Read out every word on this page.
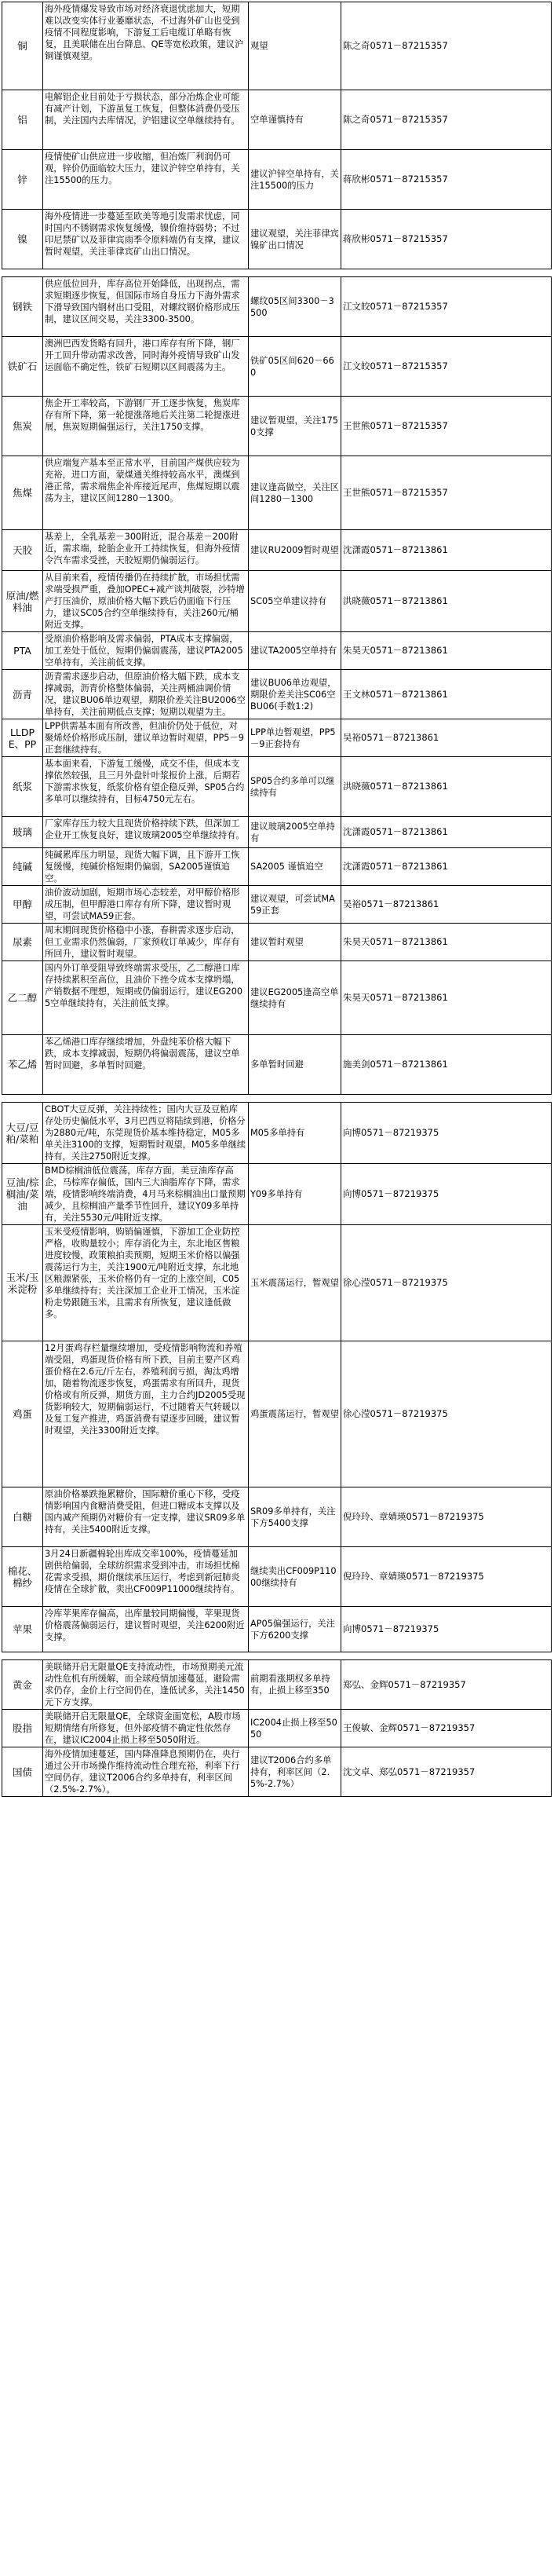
铜	海外疫情爆发导致市场对经济衰退忧虑加大，短期难以改变实体行业萎靡状态，不过海外矿山也受到疫情不同程度影响，下游复工后电缆订单略有恢复，且美联储在出台降息、QE等宽松政策，建议沪铜谨慎观望。	观望	陈之奇0571－87215357
铝	电解铝企业目前处于亏损状态，部分冶炼企业可能有减产计划，下游虽复工恢复，但整体消费仍受压制，关注国内去库情况，沪铝建议空单继续持有。	空单谨慎持有	陈之奇0571－87215357
锌	疫情使矿山供应进一步收缩，但冶炼厂利润仍可观，锌价仍面临较大压力，建议沪锌空单持有，关注15500的压力。	建议沪锌空单持有，关注15500的压力	蒋欣彬0571－87215357
镍	海外疫情进一步蔓延至欧美等地引发需求忧虑，同时国内不锈钢需求恢复缓慢，镍价维持弱势；不过印尼禁矿以及菲律宾雨季令原料端仍有支撑，建议暂时观望，关注菲律宾矿山出口情况。	建议观望，关注菲律宾镍矿出口情况	蒋欣彬0571－87215357

钢铁	供应低位回升，库存高位开始降低，出现拐点，需求短期逐步恢复，但国际市场自身压力下海外需求下滑导致国内钢材出口受阻，对螺纹钢价格形成压制，建议区间交易，关注3300-3500。	螺纹05区间3300－3500	江文皎0571－87215357
铁矿石	澳洲巴西发货略有回升，港口库存有所下降，钢厂开工回升带动需求改善，同时海外疫情导致矿山发运面临不确定性，铁矿石短期以区间震荡为主。	铁矿05区间620－660	江文皎0571－87215357
焦炭	焦企开工率较高，下游钢厂开工逐步恢复，焦炭库存有所下降，第一轮提涨落地后关注第二轮提涨进展，焦炭短期偏强运行，关注1750支撑。	建议暂观望，关注1750支撑	王世熊0571－87215357
焦煤	供应端复产基本至正常水平，目前国产煤供应较为充裕，进口方面，蒙煤通关维持较高水平，澳煤到港正常，需求端焦企补库接近尾声，焦煤短期以震荡为主，建议区间1280－1300。	建议逢高做空，关注区间1280－1300	王世熊0571－87215357
天胶	基差上，全乳基差－300附近，混合基差－200附近，需求端，轮胎企业开工持续恢复，但海外疫情令汽车需求受挫，天胶短期仍偏弱运行。	建议RU2009暂时观望	沈潇霞0571－87213861
原油/燃料油	从目前来看，疫情传播仍在持续扩散，市场担忧需求端受损严重，叠加OPEC+减产谈判破裂，沙特增产打压油价，原油价格大幅下跌后仍面临下行压力，建议SC05合约空单继续持有，关注260元/桶附近支撑。	SC05空单建议持有	洪晓薇0571－87213861
PTA	受原油价格影响及需求偏弱，PTA成本支撑偏弱，加工差处于低位，短期仍偏弱震荡，建议PTA2005空单持有，关注前低支撑。	建议TA2005空单持有	朱昊天0571－87213861
沥青	沥青需求逐步启动，但原油价格大幅下跌，成本支撑减弱，沥青价格整体偏弱，关注两桶油调价情况，建议BU06单边观望，期限价差关注BU2006空单持有，关注前期低点支撑；短期以观望为主。	建议BU06单边观望，期限价差关注SC06空BU06(手数1:2)	王文林0571－87213861
LLDPE、PP	LPP供需基本面有所改善，但油价仍处于低位，对聚烯烃价格形成压制，建议单边暂时观望，PP5－9正套继续持有。	LPP单边暂观望，PP5－9正套持有	吴裕0571－87213861
纸浆	基本面来看，下游复工缓慢，成交不佳，但成本支撑依然较强，且三月外盘针叶浆报价上涨，后期若下游需求恢复，纸浆价格有望企稳反弹，SP05合约多单可以继续持有，目标4750元左右。	SP05合约多单可以继续持有	洪晓薇0571－87213861
玻璃	厂家库存压力较大且现货价格持续下跌，但深加工企业开工恢复良好，建议玻璃2005空单继续持有。	建议玻璃2005空单持有	沈潇霞0571－87213861
纯碱	纯碱累库压力明显，现货大幅下调，且下游开工恢复缓慢，纯碱价格短期仍偏弱，SA2005谨慎追空。	SA2005 谨慎追空	沈潇霞0571－87213861
甲醇	油价波动加剧，短期市场心态较差，对甲醇价格形成压制，但甲醇港口库存有所下降，建议暂时观望，可尝试MA59正套。	建议观望，可尝试MA59正套	吴裕0571－87213861
尿素	周末期间现货价格稳中小涨，春耕需求逐步启动，但工业需求仍然偏弱，厂家预收订单减少，库存有所回升，建议暂时观望。	建议暂时观望	朱昊天0571－87213861
乙二醇	国内外订单受阻导致终端需求受压，乙二醇港口库存持续累积至高位，且油价下挫令成本支撑坍塌，产销数据不理想，短期或仍偏弱运行，建议EG2005空单继续持有，关注前低支撑。	建议EG2005逢高空单继续持有	朱昊天0571－87213861
苯乙烯	苯乙烯港口库存继续增加，外盘纯苯价格大幅下跌，成本支撑减弱，短期仍将偏弱震荡，建议空单暂时回避，多单暂时回避。	多单暂时回避	施美剑0571－87213861

大豆/豆粕/菜粕	CBOT大豆反弹，关注持续性；国内大豆及豆粕库存处历史偏低水平，3月巴西豆将陆续到港，价格分为2880元/吨，东莞现货价基本维持稳定，M05多单关注3100的支撑，短期暂时观望，M05多单继续持有，关注2750附近支撑。	M05多单持有	向博0571－87219375
豆油/棕榈油/菜油	BMD棕榈油低位震荡，库存方面，美豆油库存高企，马棕库存偏低，国内三大油脂库存下降，需求端，疫情影响终端消费，4月马来棕榈油出口量预期减少，且棕榈油产量季节性回升，建议Y09多单持有，关注5530元/吨附近支撑。	Y09多单持有	向博0571－87219375
玉米/玉米淀粉	玉米受疫情影响，购销偏谨慎，下游加工企业防控严格，收购量较小；库存消化为主，东北地区售粮进度较慢，政策粮拍卖预期，短期玉米价格以偏强震荡运行为主，关注1900元/吨附近支撑，东北地区粮源紧张，玉米价格仍有一定的上涨空间，C05多单继续持有；关注深加工企业开工情况，玉米淀粉走势跟随玉米，且需求有所恢复，建议逢低做多。	玉米震荡运行，暂观望	徐心滢0571－87219375
鸡蛋	12月蛋鸡存栏量继续增加，受疫情影响物流和养殖端受阻，鸡蛋现货价格有所下跌，目前主要产区鸡蛋价格在2.6元/斤左右，养殖利润亏损，淘汰鸡增加，随着物流逐步恢复，鸡蛋需求有所回升，现货价格或有所反弹，期货方面，主力合约JD2005受现货影响较大，短期偏弱运行，不过随着天气转暖以及复工复产推进，鸡蛋消费有望逐步回暖，建议暂时观望，关注3300附近支撑。	鸡蛋震荡运行，暂观望	徐心滢0571－87219375
白糖	原油价格暴跌拖累糖价，国际糖价重心下移，受疫情影响国内食糖消费受阻，但进口糖成本支撑以及国内减产预期仍对糖价有一定支撑，建议SR09多单持有，关注5400附近支撑。	SR09多单持有，关注下方5400支撑	倪玲玲、章婧瑛0571－87219375
棉花、棉纱	3月24日新疆棉轮出库成交率100%，疫情蔓延加剧供给偏弱，全球纺织需求受到冲击，市场担忧棉花需求受损，期价继续承压运行，考虑到新冠肺炎疫情在全球扩散，卖出CF009P11000继续持有。	继续卖出CF009P11000继续持有	倪玲玲、章婧瑛0571－87219375
苹果	冷库苹果库存偏高，出库量较同期偏慢，苹果现货价格震荡偏弱运行，建议暂时观望，关注6200附近支撑。	AP05偏强运行，关注下方6200支撑	向博0571－87219375

黄金	美联储开启无限量QE支持流动性，市场预期美元流动性危机有所缓解，而全球疫情加速蔓延，避险需求仍存，金价上行空间仍在，逢低试多，关注1450元下方支撑。	前期看涨期权多单持有，止损上移至350	郑弘、金辉0571－87219357
股指	美联储开启无限量QE，全球资金面宽松，A股市场短期情绪有所修复，但外部疫情不确定性依然存在，建议IC2004止损上移至5050附近。	IC2004止损上移至5050	王俊敏、金辉0571－87219357
国债	海外疫情加速蔓延，国内降准降息预期仍在，央行通过公开市场操作维持流动性合理充裕，利率下行空间仍存，建议T2006合约多单持有，利率区间（2.5%-2.7%）。	建议T2006合约多单持有，利率区间（2.5%-2.7%）	沈文卓、郑弘0571－87219357
